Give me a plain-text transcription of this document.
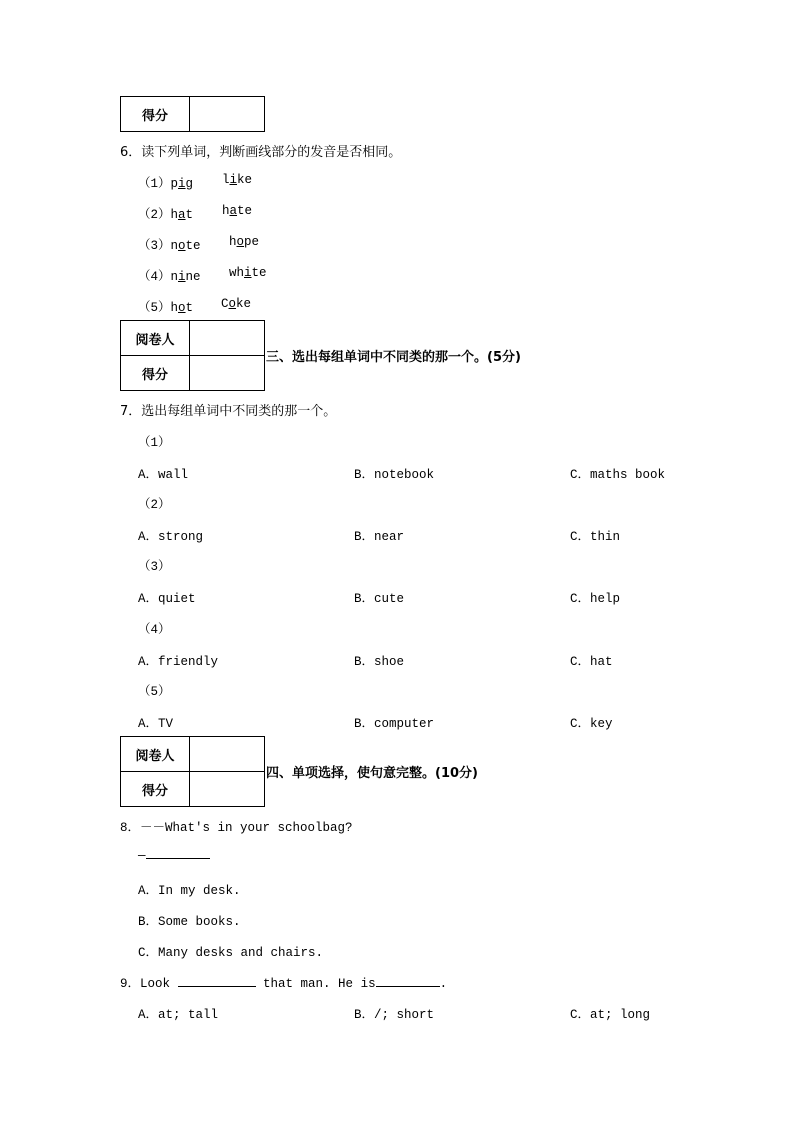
得分	
6．读下列单词，判断画线部分的发音是否相同。
（1）pig like
（2）hat hate
（3）note hope
（4）nine white
（5）hot Coke
阅卷人	
得分	
三、选出每组单词中不同类的那一个。(5分)
7．选出每组单词中不同类的那一个。
（1）
A．wall	B．notebook	C．maths book
（2）
A．strong	B．near	C．thin
（3）
A．quiet	B．cute	C．help
（4）
A．friendly	B．shoe	C．hat
（5）
A．TV	B．computer	C．key
阅卷人	
得分	
四、单项选择，使句意完整。(10分)
8．－－What's in your schoolbag?
—
A．In my desk.
B．Some books.
C．Many desks and chairs.
9．Look	that man. He is	.
A．at; tall	B．/; short	C．at; long
